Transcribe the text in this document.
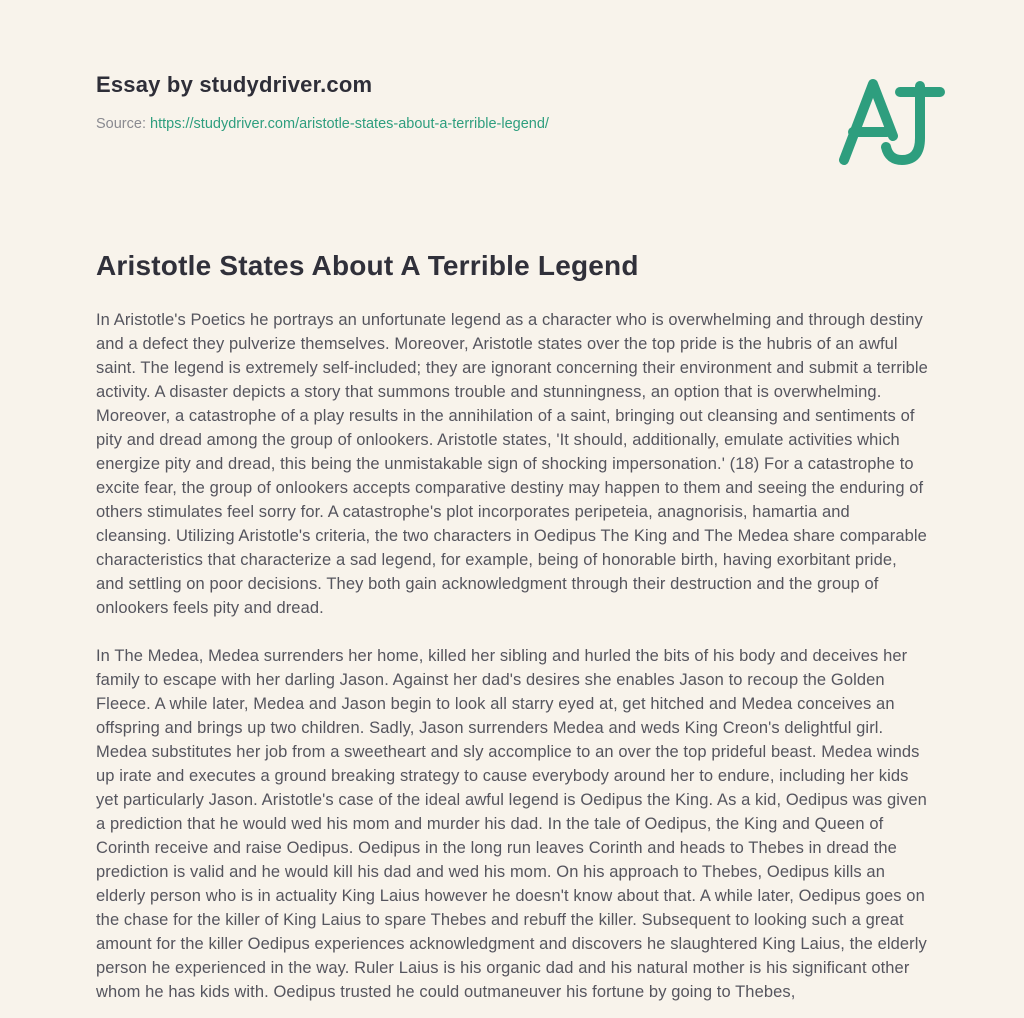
Essay by studydriver.com
Source: https://studydriver.com/aristotle-states-about-a-terrible-legend/
Aristotle States About A Terrible Legend

In Aristotle's Poetics he portrays an unfortunate legend as a character who is overwhelming and through destiny and a defect they pulverize themselves. Moreover, Aristotle states over the top pride is the hubris of an awful saint. The legend is extremely self-included; they are ignorant concerning their environment and submit a terrible activity. A disaster depicts a story that summons trouble and stunningness, an option that is overwhelming. Moreover, a catastrophe of a play results in the annihilation of a saint, bringing out cleansing and sentiments of pity and dread among the group of onlookers. Aristotle states, 'It should, additionally, emulate activities which energize pity and dread, this being the unmistakable sign of shocking impersonation.' (18) For a catastrophe to excite fear, the group of onlookers accepts comparative destiny may happen to them and seeing the enduring of others stimulates feel sorry for. A catastrophe's plot incorporates peripeteia, anagnorisis, hamartia and cleansing. Utilizing Aristotle's criteria, the two characters in Oedipus The King and The Medea share comparable characteristics that characterize a sad legend, for example, being of honorable birth, having exorbitant pride, and settling on poor decisions. They both gain acknowledgment through their destruction and the group of onlookers feels pity and dread.

In The Medea, Medea surrenders her home, killed her sibling and hurled the bits of his body and deceives her family to escape with her darling Jason. Against her dad's desires she enables Jason to recoup the Golden Fleece. A while later, Medea and Jason begin to look all starry eyed at, get hitched and Medea conceives an offspring and brings up two children. Sadly, Jason surrenders Medea and weds King Creon's delightful girl. Medea substitutes her job from a sweetheart and sly accomplice to an over the top prideful beast. Medea winds up irate and executes a ground breaking strategy to cause everybody around her to endure, including her kids yet particularly Jason. Aristotle's case of the ideal awful legend is Oedipus the King. As a kid, Oedipus was given a prediction that he would wed his mom and murder his dad. In the tale of Oedipus, the King and Queen of Corinth receive and raise Oedipus. Oedipus in the long run leaves Corinth and heads to Thebes in dread the prediction is valid and he would kill his dad and wed his mom. On his approach to Thebes, Oedipus kills an elderly person who is in actuality King Laius however he doesn't know about that. A while later, Oedipus goes on the chase for the killer of King Laius to spare Thebes and rebuff the killer. Subsequent to looking such a great amount for the killer Oedipus experiences acknowledgment and discovers he slaughtered King Laius, the elderly person he experienced in the way. Ruler Laius is his organic dad and his natural mother is his significant other whom he has kids with. Oedipus trusted he could outmaneuver his fortune by going to Thebes,
